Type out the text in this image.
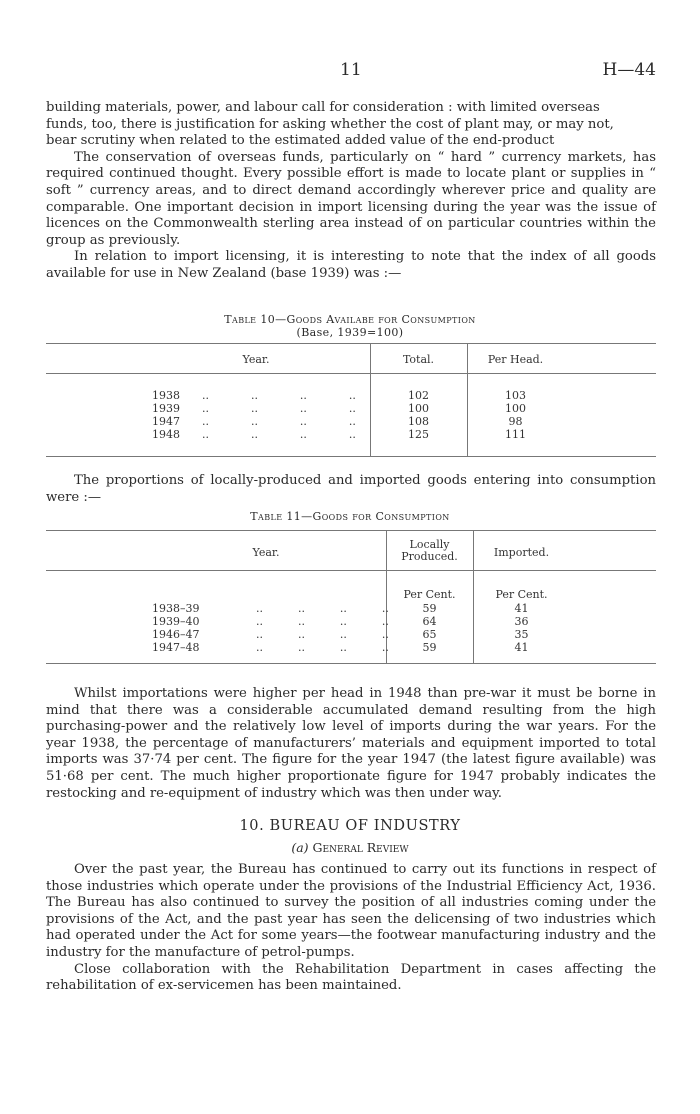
11	H—44

building materials, power, and labour call for consideration : with limited overseas

funds, too, there is justification for asking whether the cost of plant may, or may not,

bear scrutiny when related to the estimated added value of the end-product

The conservation of overseas funds, particularly on “ hard ” currency markets, has required continued thought. Every possible effort is made to locate plant or supplies in “ soft ” currency areas, and to direct demand accordingly wherever price and quality are comparable. One important decision in import licensing during the year was the issue of licences on the Commonwealth sterling area instead of on particular countries within the group as previously.

In relation to import licensing, it is interesting to note that the index of all goods available for use in New Zealand (base 1939) was :—

Table 10—Goods Availabe for Consumption
(Base, 1939=100)
Year.	Total.	Per Head.
1938 ..            ..            ..            ..	102	103
1939 ..            ..            ..            ..	100	100
1947 ..            ..            ..            ..	108	98
1948 ..            ..            ..            ..	125	111

The proportions of locally-produced and imported goods entering into consumption were :—

Table 11—Goods for Consumption
Year.
Locally
Produced.	Imported.
Per Cent.	Per Cent.
1938–39	..          ..          ..          ..	59	41
1939–40	..          ..          ..          ..	64	36
1946–47	..          ..          ..          ..	65	35
1947–48	..          ..          ..          ..	59	41

Whilst importations were higher per head in 1948 than pre-war it must be borne in mind that there was a considerable accumulated demand resulting from the high purchasing-power and the relatively low level of imports during the war years. For the year 1938, the percentage of manufacturers’ materials and equipment imported to total imports was 37·74 per cent. The figure for the year 1947 (the latest figure available) was 51·68 per cent. The much higher proportionate figure for 1947 probably indicates the restocking and re-equipment of industry which was then under way.

10. BUREAU OF INDUSTRY
(a) General Review

Over the past year, the Bureau has continued to carry out its functions in respect of those industries which operate under the provisions of the Industrial Efficiency Act, 1936. The Bureau has also continued to survey the position of all industries coming under the provisions of the Act, and the past year has seen the delicensing of two industries which had operated under the Act for some years—the footwear manufacturing industry and the industry for the manufacture of petrol-pumps.

Close collaboration with the Rehabilitation Department in cases affecting the rehabilitation of ex-servicemen has been maintained.
